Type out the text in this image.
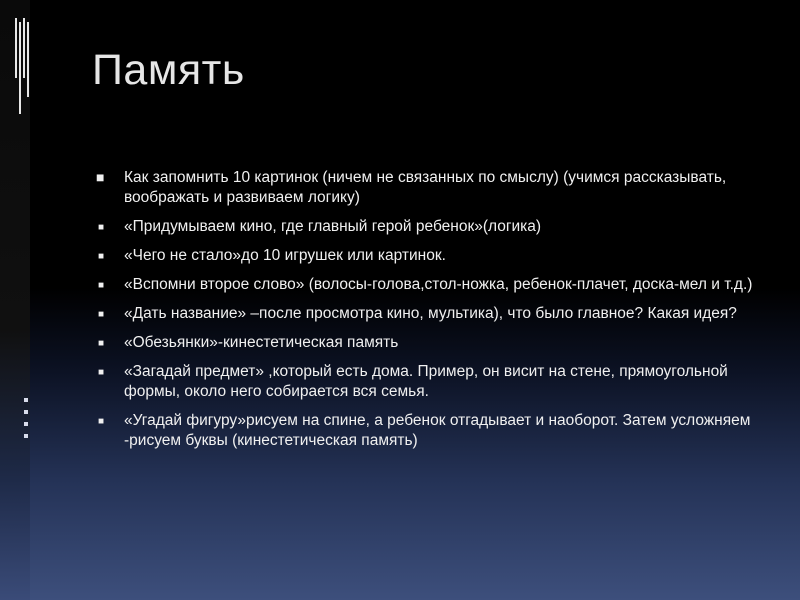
Память
■ Как запомнить 10 картинок (ничем не связанных по смыслу) (учимся рассказывать, воображать и развиваем логику)
■ «Придумываем кино, где главный герой ребенок»(логика)
■ «Чего не стало»до 10 игрушек или картинок.
■ «Вспомни второе слово» (волосы-голова,стол-ножка, ребенок-плачет, доска-мел и т.д.)
■ «Дать название» –после просмотра кино, мультика), что было главное? Какая идея?
■ «Обезьянки»-кинестетическая память
■ «Загадай предмет» ,который есть дома. Пример, он висит на стене, прямоугольной формы, около него собирается вся семья.
■ «Угадай фигуру»рисуем на спине, а ребенок отгадывает и наоборот. Затем усложняем -рисуем буквы (кинестетическая память)
